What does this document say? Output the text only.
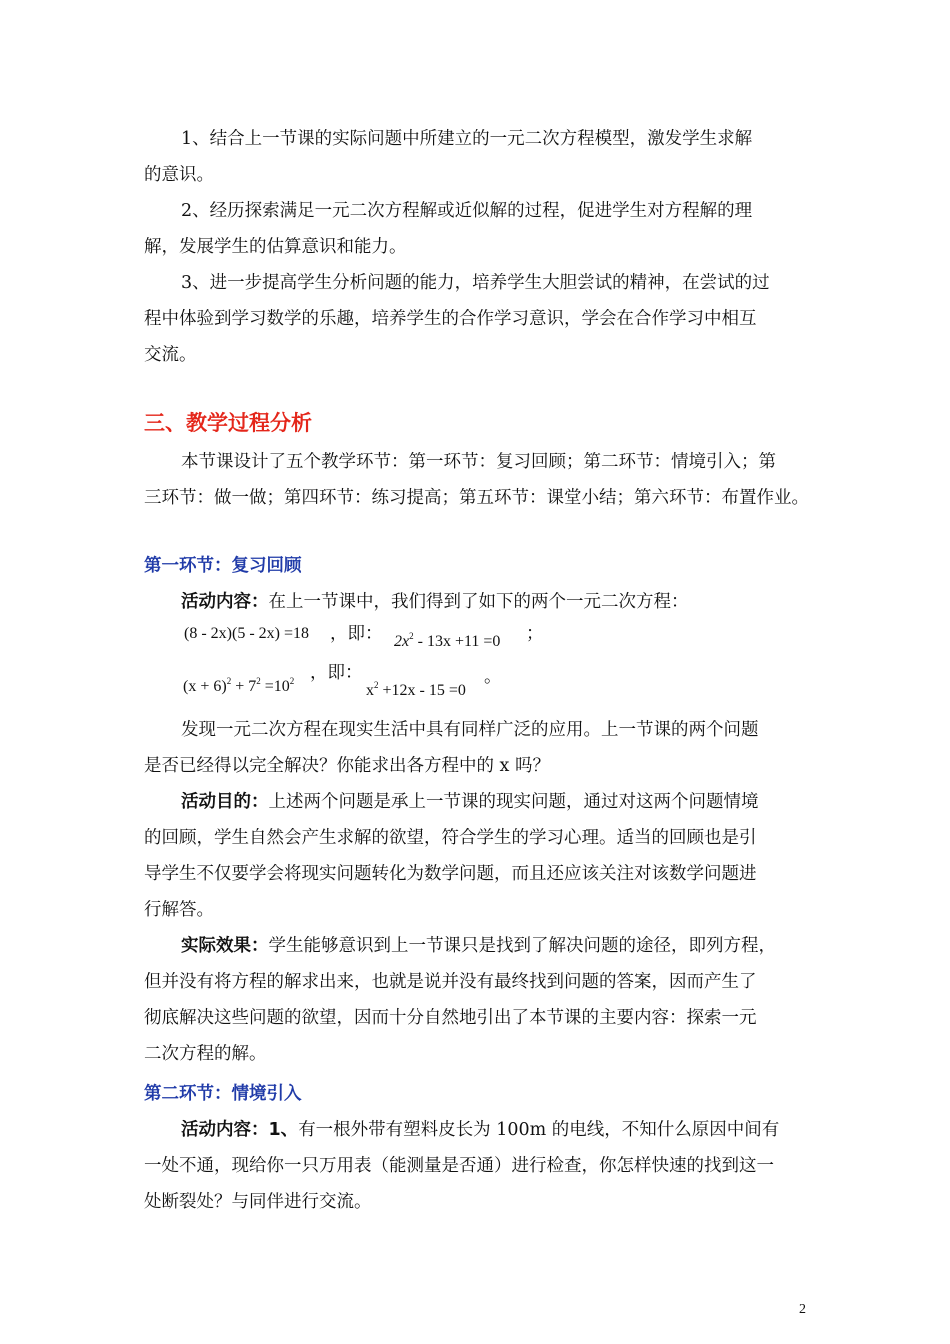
1、结合上一节课的实际问题中所建立的一元二次方程模型，激发学生求解
的意识。
2、经历探索满足一元二次方程解或近似解的过程，促进学生对方程解的理
解，发展学生的估算意识和能力。
3、进一步提高学生分析问题的能力，培养学生大胆尝试的精神，在尝试的过
程中体验到学习数学的乐趣，培养学生的合作学习意识，学会在合作学习中相互
交流。
三、教学过程分析
本节课设计了五个教学环节：第一环节：复习回顾；第二环节：情境引入；第
三环节：做一做；第四环节：练习提高；第五环节：课堂小结；第六环节：布置作业。
第一环节：复习回顾
活动内容：在上一节课中，我们得到了如下的两个一元二次方程：
(8 - 2x)(5 - 2x) =18 ，即： $2x^2 - 13x +11 =0$ ；
$(x + 6)^2 + 7^2 =10^2$ ，即：
$x^2 +12x - 15 =0$
。
发现一元二次方程在现实生活中具有同样广泛的应用。上一节课的两个问题
是否已经得以完全解决？你能求出各方程中的 x 吗？
活动目的：上述两个问题是承上一节课的现实问题，通过对这两个问题情境
的回顾，学生自然会产生求解的欲望，符合学生的学习心理。适当的回顾也是引
导学生不仅要学会将现实问题转化为数学问题，而且还应该关注对该数学问题进
行解答。
实际效果：学生能够意识到上一节课只是找到了解决问题的途径，即列方程，
但并没有将方程的解求出来，也就是说并没有最终找到问题的答案，因而产生了
彻底解决这些问题的欲望，因而十分自然地引出了本节课的主要内容：探索一元
二次方程的解。
第二环节：情境引入
活动内容：1、有一根外带有塑料皮长为 100m 的电线，不知什么原因中间有
一处不通，现给你一只万用表（能测量是否通）进行检查，你怎样快速的找到这一
处断裂处？与同伴进行交流。
2
